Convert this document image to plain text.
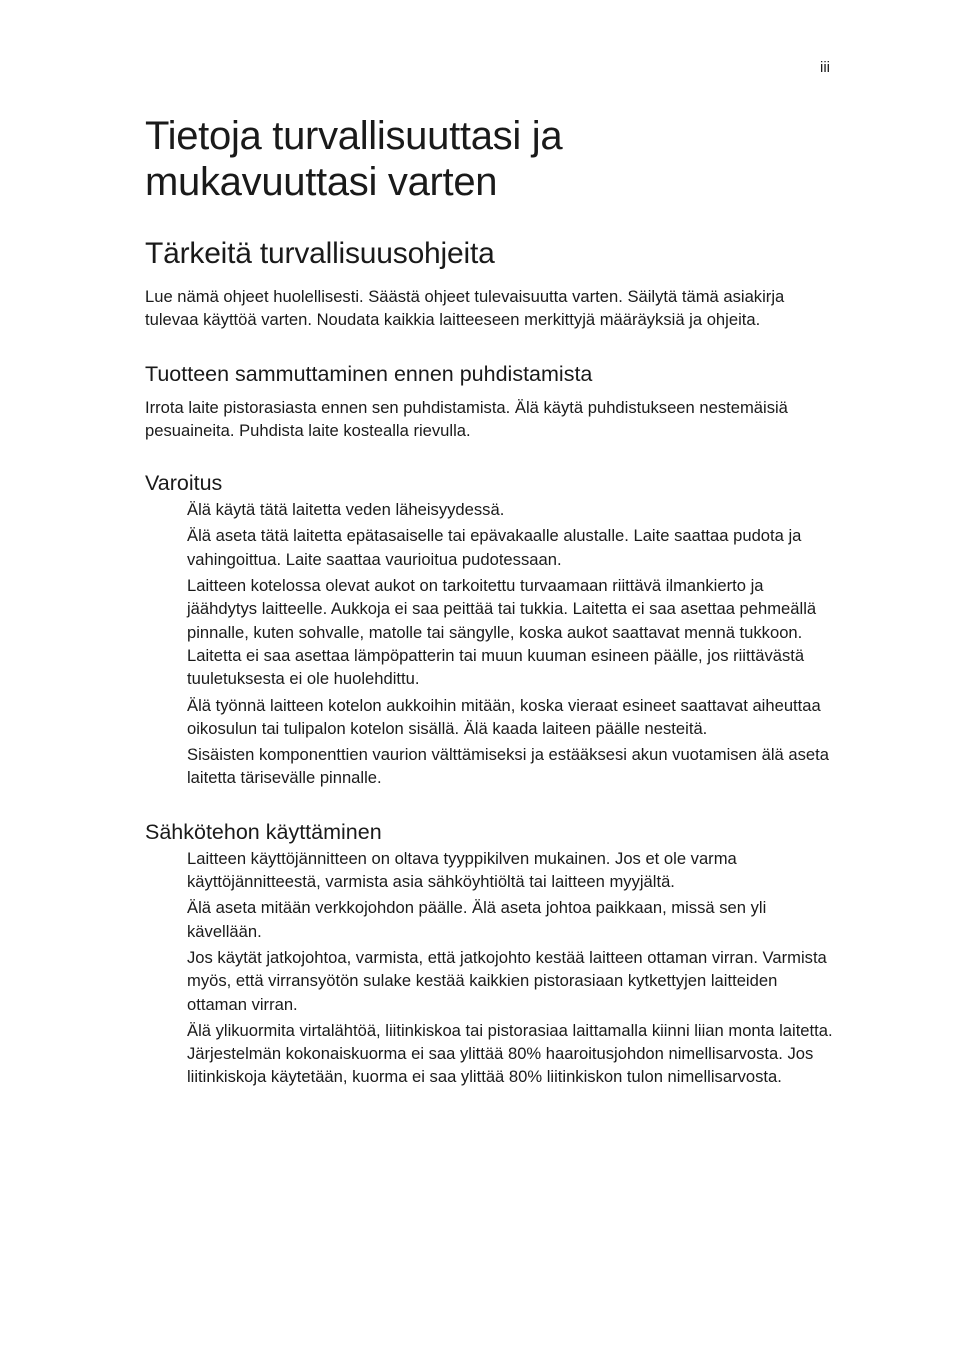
iii
Tietoja turvallisuuttasi ja
mukavuuttasi varten
Tärkeitä turvallisuusohjeita

Lue nämä ohjeet huolellisesti. Säästä ohjeet tulevaisuutta varten. Säilytä tämä asiakirja tulevaa käyttöä varten. Noudata kaikkia laitteeseen merkittyjä määräyksiä ja ohjeita.

Tuotteen sammuttaminen ennen puhdistamista

Irrota laite pistorasiasta ennen sen puhdistamista. Älä käytä puhdistukseen nestemäisiä pesuaineita. Puhdista laite kostealla rievulla.

Varoitus
Älä käytä tätä laitetta veden läheisyydessä.
Älä aseta tätä laitetta epätasaiselle tai epävakaalle alustalle. Laite saattaa pudota ja vahingoittua. Laite saattaa vaurioitua pudotessaan.
Laitteen kotelossa olevat aukot on tarkoitettu turvaamaan riittävä ilmankierto ja jäähdytys laitteelle. Aukkoja ei saa peittää tai tukkia. Laitetta ei saa asettaa pehmeällä pinnalle, kuten sohvalle, matolle tai sängylle, koska aukot saattavat mennä tukkoon. Laitetta ei saa asettaa lämpöpatterin tai muun kuuman esineen päälle, jos riittävästä tuuletuksesta ei ole huolehdittu.
Älä työnnä laitteen kotelon aukkoihin mitään, koska vieraat esineet saattavat aiheuttaa oikosulun tai tulipalon kotelon sisällä. Älä kaada laiteen päälle nesteitä.
Sisäisten komponenttien vaurion välttämiseksi ja estääksesi akun vuotamisen älä aseta laitetta tärisevälle pinnalle.
Sähkötehon käyttäminen
Laitteen käyttöjännitteen on oltava tyyppikilven mukainen. Jos et ole varma käyttöjännitteestä, varmista asia sähköyhtiöltä tai laitteen myyjältä.
Älä aseta mitään verkkojohdon päälle. Älä aseta johtoa paikkaan, missä sen yli kävellään.
Jos käytät jatkojohtoa, varmista, että jatkojohto kestää laitteen ottaman virran. Varmista myös, että virransyötön sulake kestää kaikkien pistorasiaan kytkettyjen laitteiden ottaman virran.
Älä ylikuormita virtalähtöä, liitinkiskoa tai pistorasiaa laittamalla kiinni liian monta laitetta. Järjestelmän kokonaiskuorma ei saa ylittää 80% haaroitusjohdon nimellisarvosta. Jos liitinkiskoja käytetään, kuorma ei saa ylittää 80% liitinkiskon tulon nimellisarvosta.
